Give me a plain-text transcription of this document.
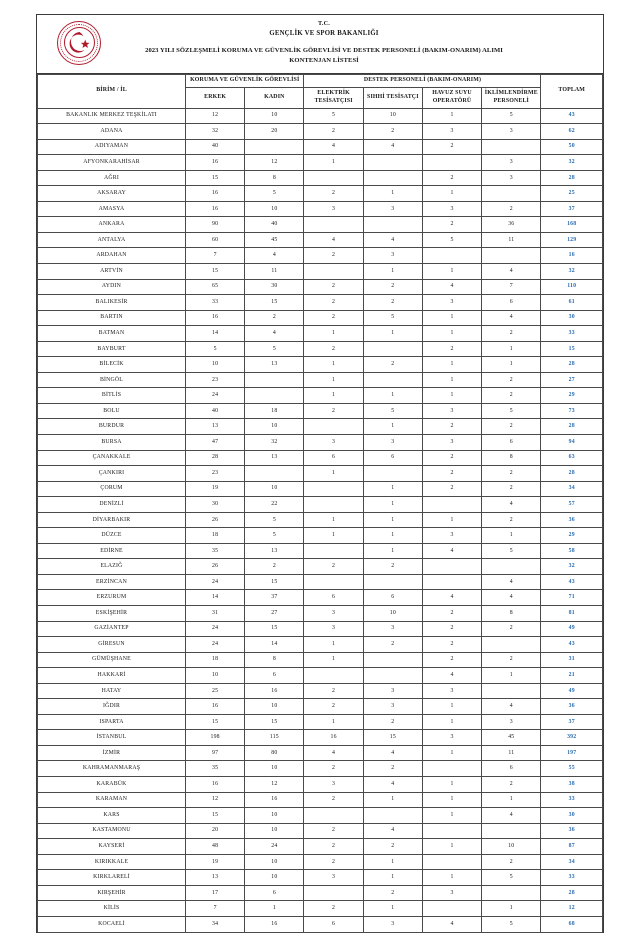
T.C.
GENÇLİK VE SPOR BAKANLIĞI
2023 YILI SÖZLEŞMELİ KORUMA VE GÜVENLİK GÖREVLİSİ VE DESTEK PERSONELİ (BAKIM-ONARIM) ALIMI
KONTENJAN LİSTESİ
BİRİM / İL	KORUMA VE GÜVENLİK GÖREVLİSİ		DESTEK PERSONELİ (BAKIM-ONARIM)				TOPLAM
	ERKEK	KADIN	ELEKTRİK TESİSATÇISI	SIHHİ TESİSATÇI	HAVUZ SUYU OPERATÖRÜ	İKLİMLENDİRME PERSONELİ	
BAKANLIK MERKEZ TEŞKİLATI	12	10	5	10	1	5	43
ADANA	32	20	2	2	3	3	62
ADIYAMAN	40		4	4	2		50
AFYONKARAHİSAR	16	12	1			3	32
AĞRI	15	8			2	3	28
AKSARAY	16	5	2	1	1		25
AMASYA	16	10	3	3	3	2	37
ANKARA	90	40			2	36	168
ANTALYA	60	45	4	4	5	11	129
ARDAHAN	7	4	2	3			16
ARTVİN	15	11		1	1	4	32
AYDIN	65	30	2	2	4	7	110
BALIKESİR	33	15	2	2	3	6	61
BARTIN	16	2	2	5	1	4	30
BATMAN	14	4	1	1	1	2	33
BAYBURT	5	5	2		2	1	15
BİLECİK	10	13	1	2	1	1	28
BİNGÖL	23		1		1	2	27
BİTLİS	24		1	1	1	2	29
BOLU	40	18	2	5	3	5	73
BURDUR	13	10		1	2	2	28
BURSA	47	32	3	3	3	6	94
ÇANAKKALE	28	13	6	6	2	8	63
ÇANKIRI	23		1		2	2	28
ÇORUM	19	10		1	2	2	34
DENİZLİ	30	22		1		4	57
DİYARBAKIR	26	5	1	1	1	2	36
DÜZCE	18	5	1	1	3	1	29
EDİRNE	35	13		1	4	5	58
ELAZIĞ	26	2	2	2			32
ERZİNCAN	24	15				4	43
ERZURUM	14	37	6	6	4	4	71
ESKİŞEHİR	31	27	3	10	2	8	81
GAZİANTEP	24	15	3	3	2	2	49
GİRESUN	24	14	1	2	2		43
GÜMÜŞHANE	18	8	1		2	2	31
HAKKARİ	10	6			4	1	21
HATAY	25	16	2	3	3		49
IĞDIR	16	10	2	3	1	4	36
ISPARTA	15	15	1	2	1	3	37
İSTANBUL	198	115	16	15	3	45	392
İZMİR	97	80	4	4	1	11	197
KAHRAMANMARAŞ	35	10	2	2		6	55
KARABÜK	16	12	3	4	1	2	38
KARAMAN	12	16	2	1	1	1	33
KARS	15	10			1	4	30
KASTAMONU	20	10	2	4			36
KAYSERİ	48	24	2	2	1	10	87
KIRIKKALE	19	10	2	1		2	34
KIRKLARELİ	13	10	3	1	1	5	33
KIRŞEHİR	17	6		2	3		28
KİLİS	7	1	2	1		1	12
KOCAELİ	34	16	6	3	4	5	68
